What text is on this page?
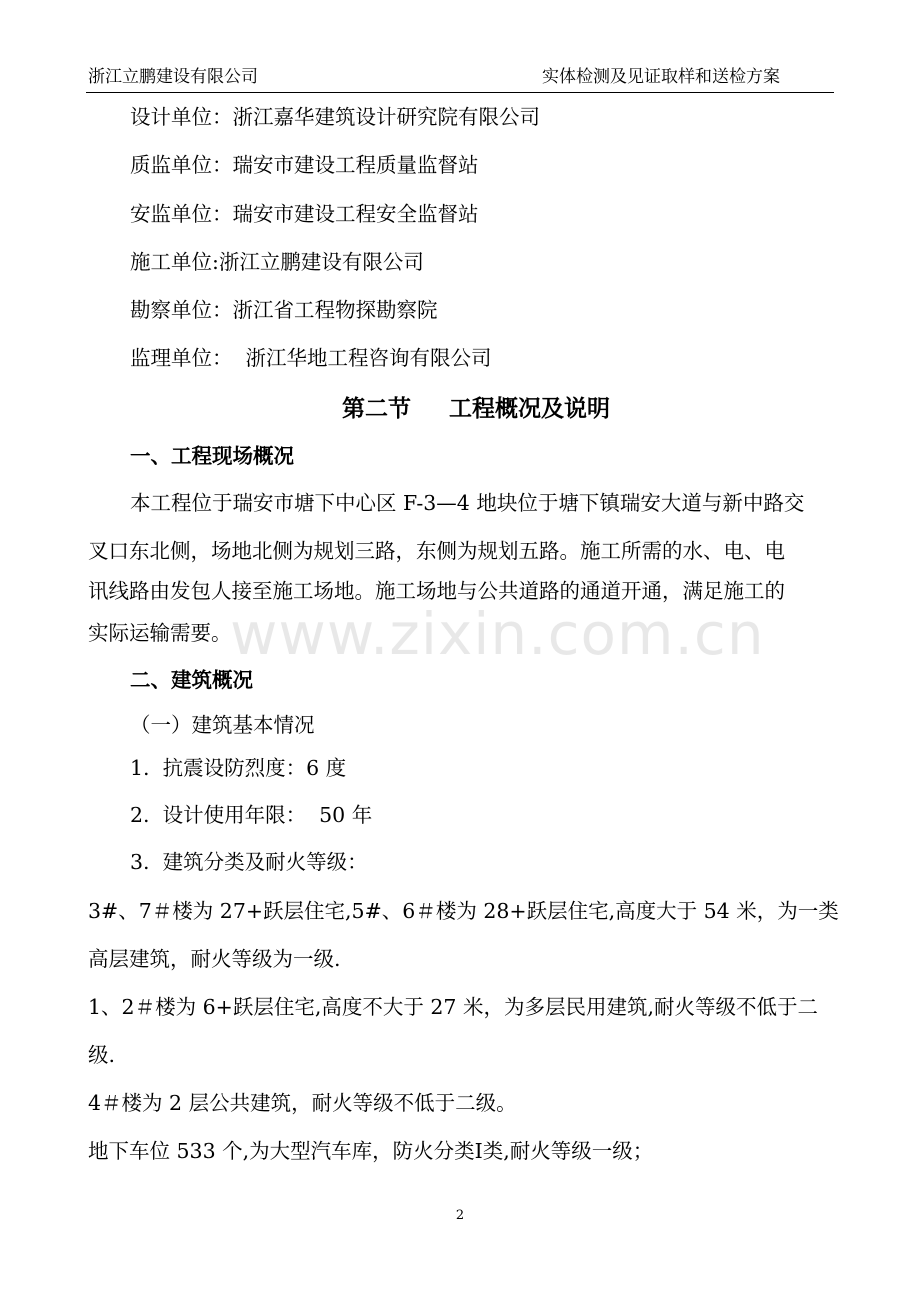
浙江立鹏建设有限公司	实体检测及见证取样和送检方案
设计单位：浙江嘉华建筑设计研究院有限公司
质监单位：瑞安市建设工程质量监督站
安监单位：瑞安市建设工程安全监督站
施工单位:浙江立鹏建设有限公司
勘察单位：浙江省工程物探勘察院
监理单位：  浙江华地工程咨询有限公司
第二节 工程概况及说明
一、工程现场概况
本工程位于瑞安市塘下中心区 F-3—4 地块位于塘下镇瑞安大道与新中路交
叉口东北侧，场地北侧为规划三路，东侧为规划五路。施工所需的水、电、电
讯线路由发包人接至施工场地。施工场地与公共道路的通道开通，满足施工的
实际运输需要。
www.zixin.com.cn
二、建筑概况
（一）建筑基本情况
1.  抗震设防烈度：6 度
2.  设计使用年限：  50 年
3.  建筑分类及耐火等级：
3#、7＃楼为 27+跃层住宅,5#、6＃楼为 28+跃层住宅,高度大于 54 米，为一类
高层建筑，耐火等级为一级.
1、2＃楼为 6+跃层住宅,高度不大于 27 米，为多层民用建筑,耐火等级不低于二
级.
4＃楼为 2 层公共建筑，耐火等级不低于二级。
地下车位 533 个,为大型汽车库，防火分类Ⅰ类,耐火等级一级；
2
